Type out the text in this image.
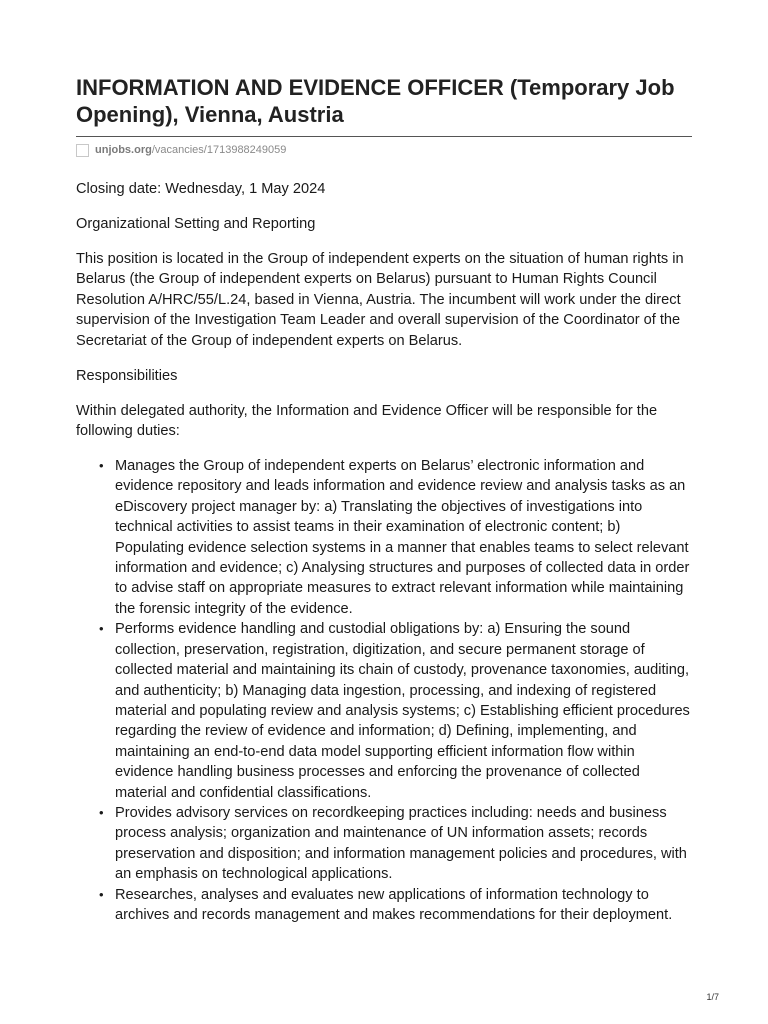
INFORMATION AND EVIDENCE OFFICER (Temporary Job Opening), Vienna, Austria
unjobs.org /vacancies/1713988249059

Closing date: Wednesday, 1 May 2024

Organizational Setting and Reporting

This position is located in the Group of independent experts on the situation of human rights in Belarus (the Group of independent experts on Belarus) pursuant to Human Rights Council Resolution A/HRC/55/L.24, based in Vienna, Austria. The incumbent will work under the direct supervision of the Investigation Team Leader and overall supervision of the Coordinator of the Secretariat of the Group of independent experts on Belarus.

Responsibilities

Within delegated authority, the Information and Evidence Officer will be responsible for the following duties:

• Manages the Group of independent experts on Belarus’ electronic information and evidence repository and leads information and evidence review and analysis tasks as an eDiscovery project manager by: a) Translating the objectives of investigations into technical activities to assist teams in their examination of electronic content; b) Populating evidence selection systems in a manner that enables teams to select relevant information and evidence; c) Analysing structures and purposes of collected data in order to advise staff on appropriate measures to extract relevant information while maintaining the forensic integrity of the evidence.
• Performs evidence handling and custodial obligations by: a) Ensuring the sound collection, preservation, registration, digitization, and secure permanent storage of collected material and maintaining its chain of custody, provenance taxonomies, auditing, and authenticity; b) Managing data ingestion, processing, and indexing of registered material and populating review and analysis systems; c) Establishing efficient procedures regarding the review of evidence and information; d) Defining, implementing, and maintaining an end-to-end data model supporting efficient information flow within evidence handling business processes and enforcing the provenance of collected material and confidential classifications.
• Provides advisory services on recordkeeping practices including: needs and business process analysis; organization and maintenance of UN information assets; records preservation and disposition; and information management policies and procedures, with an emphasis on technological applications.
• Researches, analyses and evaluates new applications of information technology to archives and records management and makes recommendations for their deployment.
1/7
